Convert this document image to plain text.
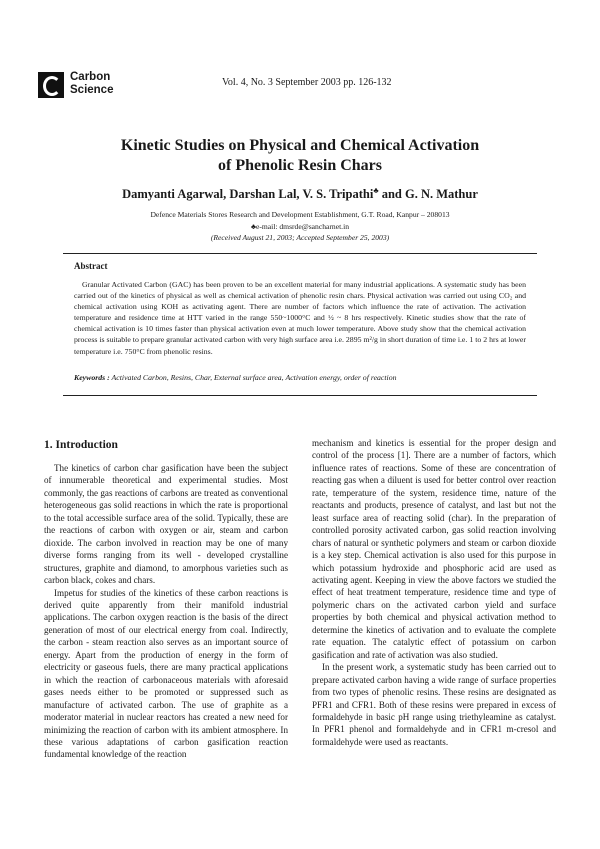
Carbon
Science
Vol. 4, No. 3 September 2003 pp. 126-132
Kinetic Studies on Physical and Chemical Activation
of Phenolic Resin Chars
Damyanti Agarwal, Darshan Lal, V. S. Tripathi♣ and G. N. Mathur
Defence Materials Stores Research and Development Establishment, G.T. Road, Kanpur – 208013
♣e-mail: dmsrde@sancharnet.in
(Received August 21, 2003; Accepted September 25, 2003)
Abstract
Granular Activated Carbon (GAC) has been proven to be an excellent material for many industrial applications. A systematic study has been carried out of the kinetics of physical as well as chemical activation of phenolic resin chars. Physical activation was carried out using CO₂ and chemical activation using KOH as activating agent. There are number of factors which influence the rate of activation. The activation temperature and residence time at HTT varied in the range 550~1000°C and ½ ~ 8 hrs respectively. Kinetic studies show that the rate of chemical activation is 10 times faster than physical activation even at much lower temperature. Above study show that the chemical activation process is suitable to prepare granular activated carbon with very high surface area i.e. 2895 m²/g in short duration of time i.e. 1 to 2 hrs at lower temperature i.e. 750°C from phenolic resins.
Keywords : Activated Carbon, Resins, Char, External surface area, Activation energy, order of reaction
1. Introduction

The kinetics of carbon char gasification have been the subject of innumerable theoretical and experimental studies. Most commonly, the gas reactions of carbons are treated as conventional heterogeneous gas solid reactions in which the rate is proportional to the total accessible surface area of the solid. Typically, these are the reactions of carbon with oxygen or air, steam and carbon dioxide. The carbon involved in reaction may be one of many diverse forms ranging from its well - developed crystalline structures, graphite and diamond, to amorphous varieties such as carbon black, cokes and chars.

Impetus for studies of the kinetics of these carbon reactions is derived quite apparently from their manifold industrial applications. The carbon oxygen reaction is the basis of the direct generation of most of our electrical energy from coal. Indirectly, the carbon - steam reaction also serves as an important source of energy. Apart from the production of energy in the form of electricity or gaseous fuels, there are many practical applications in which the reaction of carbonaceous materials with aforesaid gases needs either to be promoted or suppressed such as manufacture of activated carbon. The use of graphite as a moderator material in nuclear reactors has created a new need for minimizing the reaction of carbon with its ambient atmosphere. In these various adaptations of carbon gasification reaction fundamental knowledge of the reaction

mechanism and kinetics is essential for the proper design and control of the process [1]. There are a number of factors, which influence rates of reactions. Some of these are concentration of reacting gas when a diluent is used for better control over reaction rate, temperature of the system, residence time, nature of the reactants and products, presence of catalyst, and last but not the least surface area of reacting solid (char). In the preparation of controlled porosity activated carbon, gas solid reaction involving chars of natural or synthetic polymers and steam or carbon dioxide is a key step. Chemical activation is also used for this purpose in which potassium hydroxide and phosphoric acid are used as activating agent. Keeping in view the above factors we studied the effect of heat treatment temperature, residence time and type of polymeric chars on the activated carbon yield and surface properties by both chemical and physical activation method to determine the kinetics of activation and to evaluate the complete rate equation. The catalytic effect of potassium on carbon gasification and rate of activation was also studied.

In the present work, a systematic study has been carried out to prepare activated carbon having a wide range of surface properties from two types of phenolic resins. These resins are designated as PFR1 and CFR1. Both of these resins were prepared in excess of formaldehyde in basic pH range using triethyleamine as catalyst. In PFR1 phenol and formaldehyde and in CFR1 m-cresol and formaldehyde were used as reactants.
